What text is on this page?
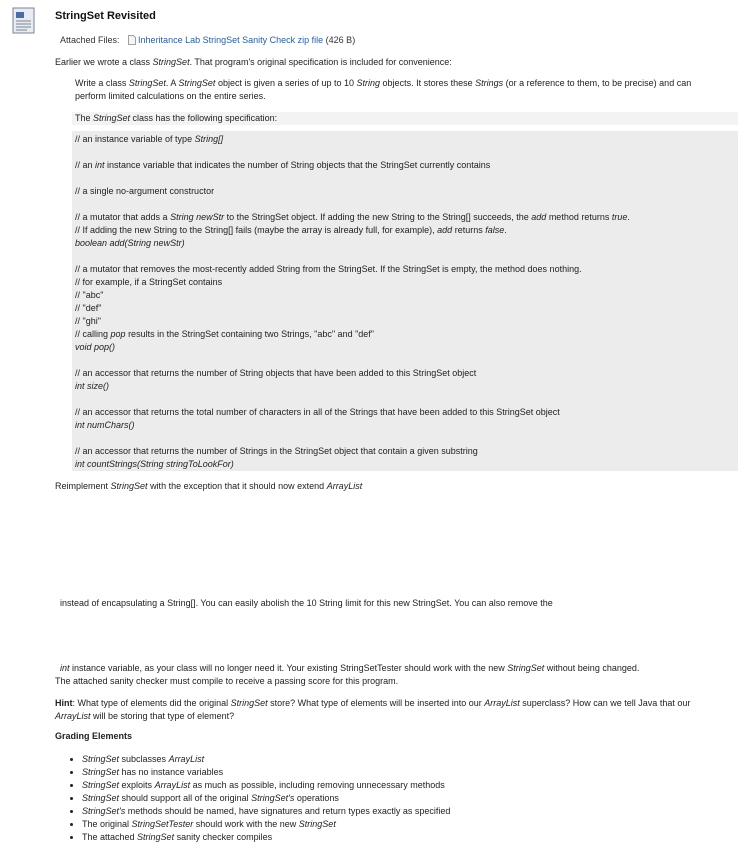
StringSet Revisited
Attached Files: Inheritance Lab StringSet Sanity Check zip file (426 B)
Earlier we wrote a class StringSet. That program's original specification is included for convenience:
Write a class StringSet. A StringSet object is given a series of up to 10 String objects. It stores these Strings (or a reference to them, to be precise) and can
perform limited calculations on the entire series.
The StringSet class has the following specification:
// an instance variable of type String[]
// an int instance variable that indicates the number of String objects that the StringSet currently contains
// a single no-argument constructor
// a mutator that adds a String newStr to the StringSet object. If adding the new String to the String[] succeeds, the add method returns true.
// If adding the new String to the String[] fails (maybe the array is already full, for example), add returns false.
boolean add(String newStr)
// a mutator that removes the most-recently added String from the StringSet. If the StringSet is empty, the method does nothing.
// for example, if a StringSet contains
// "abc"
// "def"
// "ghi"
// calling pop results in the StringSet containing two Strings, "abc" and "def"
void pop()
// an accessor that returns the number of String objects that have been added to this StringSet object
int size()
// an accessor that returns the total number of characters in all of the Strings that have been added to this StringSet object
int numChars()
// an accessor that returns the number of Strings in the StringSet object that contain a given substring
int countStrings(String stringToLookFor)
Reimplement StringSet with the exception that it should now extend ArrayList
instead of encapsulating a String[]. You can easily abolish the 10 String limit for this new StringSet. You can also remove the
int instance variable, as your class will no longer need it. Your existing StringSetTester should work with the new StringSet without being changed.
The attached sanity checker must compile to receive a passing score for this program.
Hint: What type of elements did the original StringSet store? What type of elements will be inserted into our ArrayList superclass? How can we tell Java that our
ArrayList will be storing that type of element?
Grading Elements
• StringSet subclasses ArrayList
• StringSet has no instance variables
• StringSet exploits ArrayList as much as possible, including removing unnecessary methods
• StringSet should support all of the original StringSet's operations
• StringSet's methods should be named, have signatures and return types exactly as specified
• The original StringSetTester should work with the new StringSet
• The attached StringSet sanity checker compiles
